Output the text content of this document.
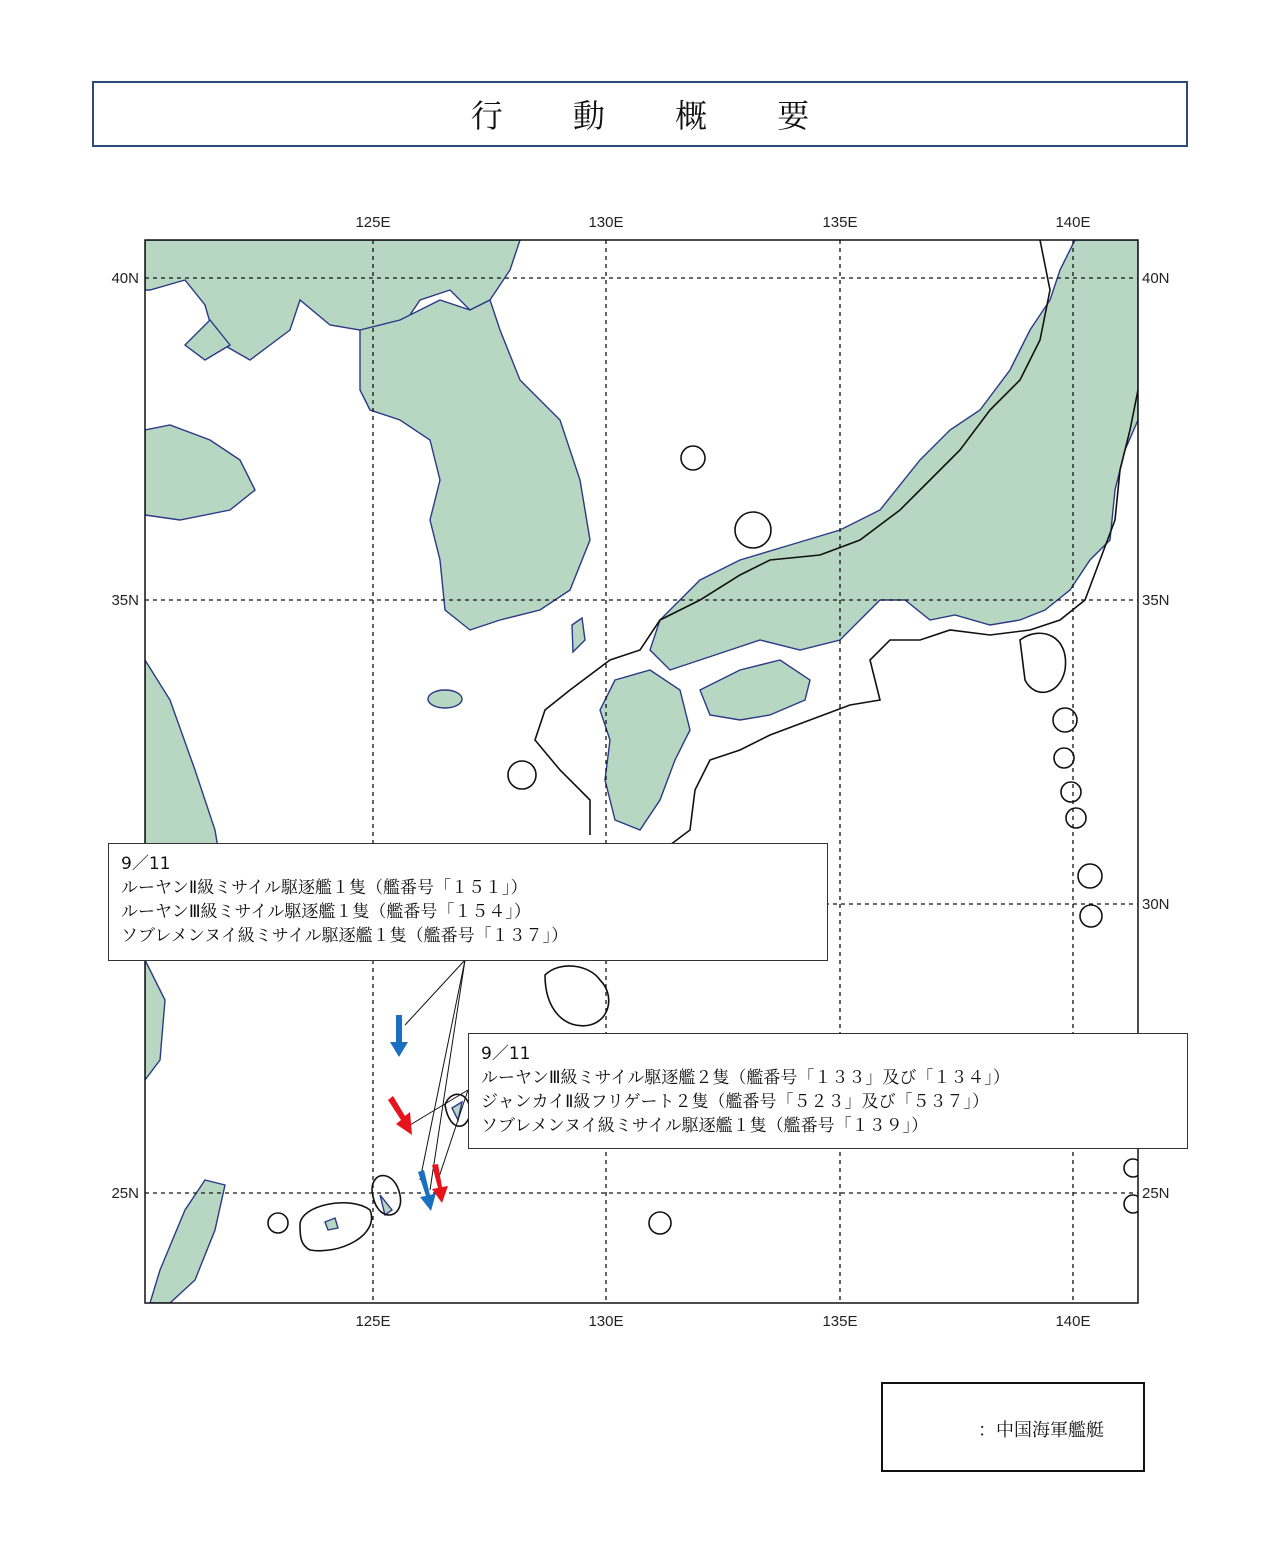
行 動 概 要
125E	130E	135E	140E
125E	130E	135E	140E
40N
35N
25N
40N
35N
30N
25N
9／11
ルーヤンⅡ級ミサイル駆逐艦１隻（艦番号「１５１」）
ルーヤンⅢ級ミサイル駆逐艦１隻（艦番号「１５４」）
ソブレメンヌイ級ミサイル駆逐艦１隻（艦番号「１３７」）
9／11
ルーヤンⅢ級ミサイル駆逐艦２隻（艦番号「１３３」及び「１３４」）
ジャンカイⅡ級フリゲート２隻（艦番号「５２３」及び「５３７」）
ソブレメンヌイ級ミサイル駆逐艦１隻（艦番号「１３９」）
：中国海軍艦艇
